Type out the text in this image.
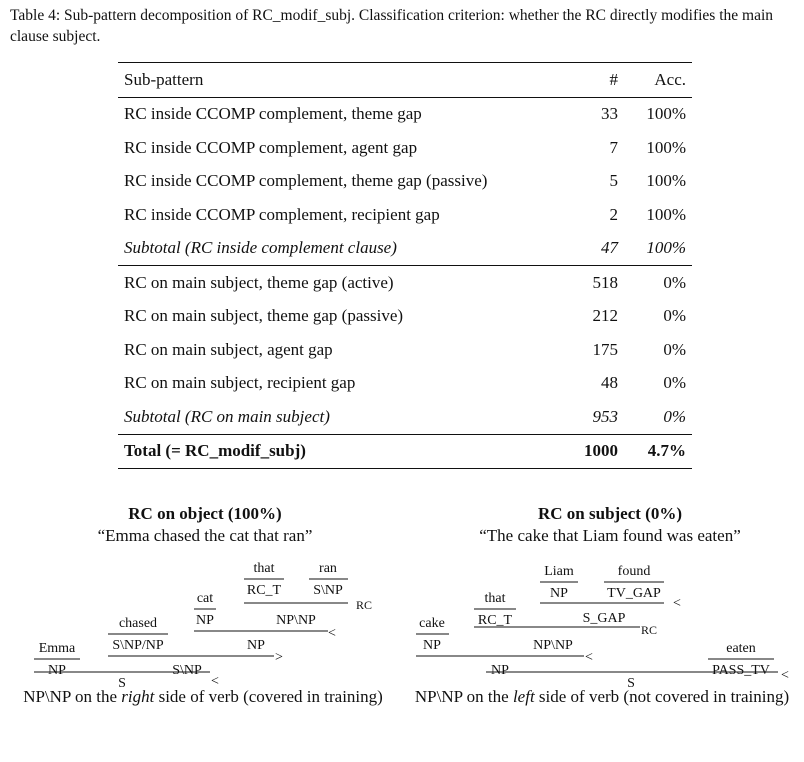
Table 4: Sub-pattern decomposition of RC_modif_subj. Classification criterion: whether the RC directly modifies the main clause subject.

Sub-pattern	#	Acc.
RC inside CCOMP complement, theme gap	33	100%
RC inside CCOMP complement, agent gap	7	100%
RC inside CCOMP complement, theme gap (passive)	5	100%
RC inside CCOMP complement, recipient gap	2	100%
Subtotal (RC inside complement clause)	47	100%
RC on main subject, theme gap (active)	518	0%
RC on main subject, theme gap (passive)	212	0%
RC on main subject, agent gap	175	0%
RC on main subject, recipient gap	48	0%
Subtotal (RC on main subject)	953	0%
Total (= RC_modif_subj)	1000	4.7%
RC on object (100%)
“Emma chased the cat that ran”
RC on subject (0%)
“The cake that Liam found was eaten”
that	ran
RC_T S\NP
RC
cat
NP	NP\NP
<
chased
S\NP/NP	NP
>
Emma
NP	S\NP
<
Liam	found
NP	TV_GAP
<
that
RC_T	S_GAP
RC
cake
NP	NP\NP
<
eaten
NP	PASS_TV <
S	S
NP\NP on the right side of verb (covered in training)	NP\NP on the left side of verb (not covered in training)
